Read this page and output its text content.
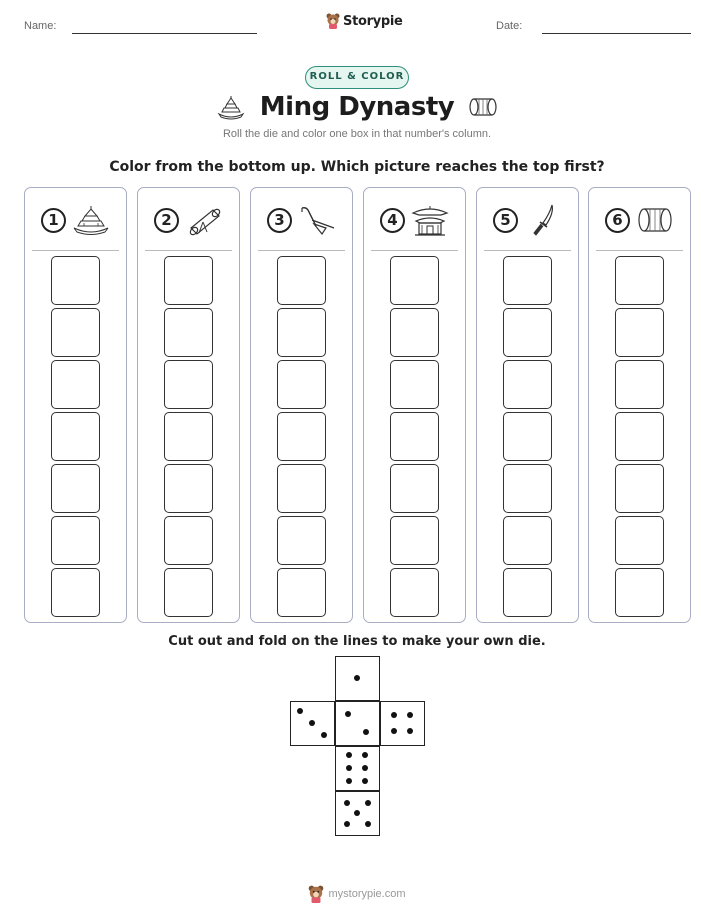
Name:	Storypie	Date:
ROLL & COLOR
Ming Dynasty
Roll the die and color one box in that number's column.
Color from the bottom up. Which picture reaches the top first?
1	2	3	4	5	6
Cut out and fold on the lines to make your own die.
mystorypie.com
